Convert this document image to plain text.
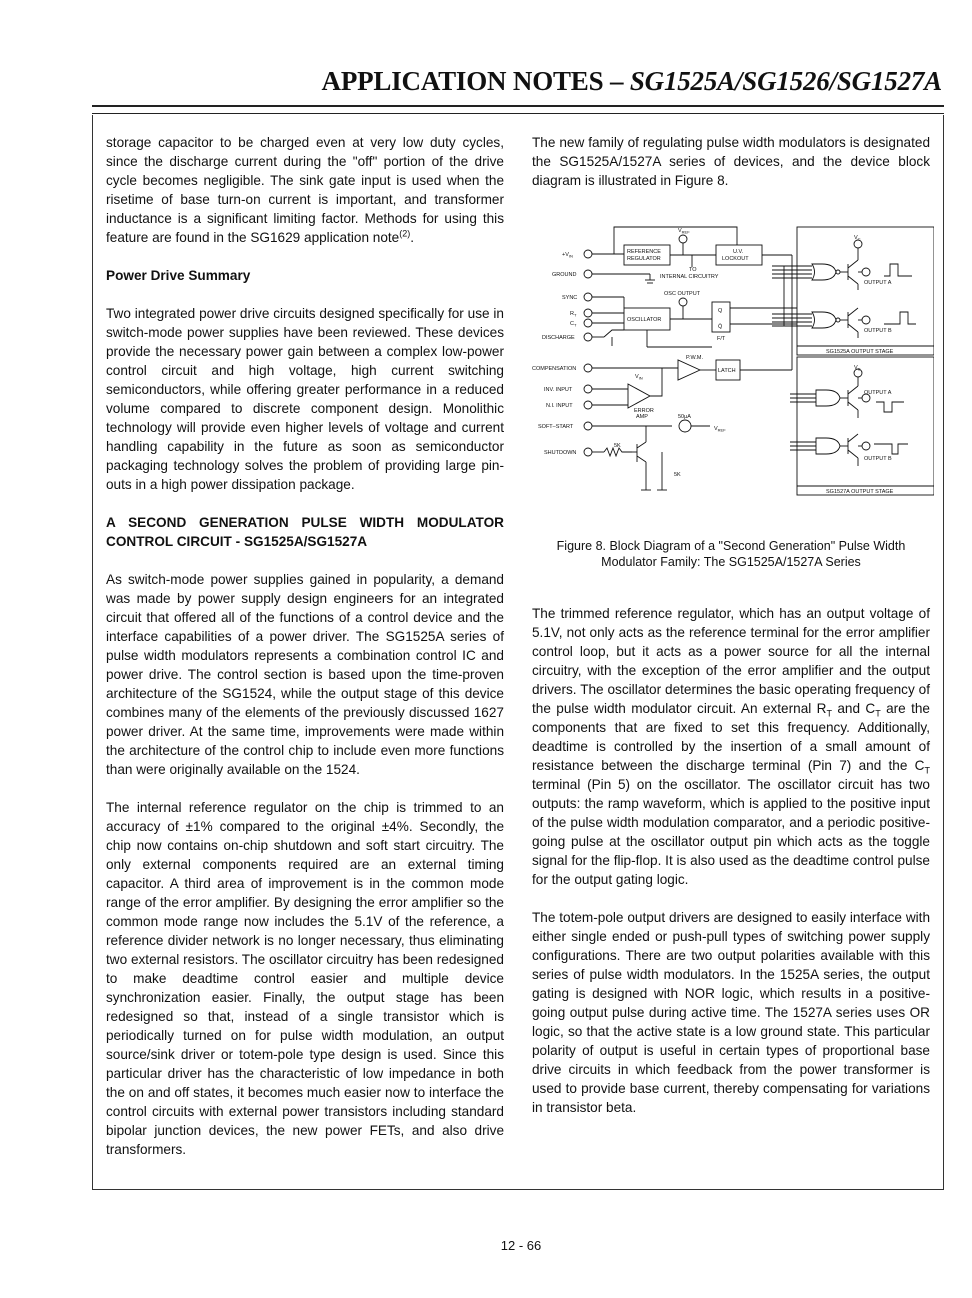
APPLICATION NOTES – SG1525A/SG1526/SG1527A

storage capacitor to be charged even at very low duty cycles, since the discharge current during the "off" portion of the drive cycle becomes negligible. The sink gate input is used when the risetime of base turn-on current is important, and transformer inductance is a significant limiting factor. Methods for using this feature are found in the SG1629 application note$^{(2)}$.

Power Drive Summary

Two integrated power drive circuits designed specifically for use in switch-mode power supplies have been reviewed. These devices provide the necessary power gain between a complex low-power control circuit and high voltage, high current switching semiconductors, while offering greater performance in a reduced volume compared to discrete component design. Monolithic technology will provide even higher levels of voltage and current handling capability in the future as soon as semiconductor packaging technology solves the problem of providing large pin-outs in a high power dissipation package.

A SECOND GENERATION PULSE WIDTH MODULATOR CONTROL CIRCUIT - SG1525A/SG1527A

As switch-mode power supplies gained in popularity, a demand was made by power supply design engineers for an integrated circuit that offered all of the functions of a control device and the interface capabilities of a power driver. The SG1525A series of pulse width modulators represents a combination control IC and power drive. The control section is based upon the time-proven architecture of the SG1524, while the output stage of this device combines many of the elements of the previously discussed 1627 power driver. At the same time, improvements were made within the architecture of the control chip to include even more functions than were originally available on the 1524.

The internal reference regulator on the chip is trimmed to an accuracy of ±1% compared to the original ±4%. Secondly, the chip now contains on-chip shutdown and soft start circuitry. The only external components required are an external timing capacitor. A third area of improvement is in the common mode range of the error amplifier. By designing the error amplifier so the common mode range now includes the 5.1V of the reference, a reference divider network is no longer necessary, thus eliminating two external resistors. The oscillator circuitry has been redesigned to make deadtime control easier and multiple device synchronization easier. Finally, the output stage has been redesigned so that, instead of a single transistor which is periodically turned on for pulse width modulation, an output source/sink driver or totem-pole type design is used. Since this particular driver has the characteristic of low impedance in both the on and off states, it becomes much easier now to interface the control circuits with external power transistors including standard bipolar junction devices, the new power FETs, and also drive transformers.

The new family of regulating pulse width modulators is designated the SG1525A/1527A series of devices, and the device block diagram is illustrated in Figure 8.

$V_{REF}$
$+V_{IN}$
GROUND
SYNC
$R_T$
$C_T$
DISCHARGE
COMPENSATION
INV. INPUT
N.I. INPUT
SOFT–START
SHUTDOWN
REFERENCE
REGULATOR
U.V.
LOCKOUT
TO
INTERNAL CIRCUITRY
OSC OUTPUT
OSCILLATOR
Q
Q̄
F/T
P.W.M.
LATCH
$V_{IN}$
ERROR
AMP	50μA
$V_{REF}$
5K
5K
$V_C$
OUTPUT A
OUTPUT B
SG1525A OUTPUT STAGE
$V_C$
OUTPUT A
OUTPUT B
SG1527A OUTPUT STAGE
Figure 8. Block Diagram of a "Second Generation" Pulse Width Modulator Family: The SG1525A/1527A Series

The trimmed reference regulator, which has an output voltage of 5.1V, not only acts as the reference terminal for the error amplifier control loop, but it acts as a power source for all the internal circuitry, with the exception of the error amplifier and the output drivers. The oscillator determines the basic operating frequency of the pulse width modulator circuit. An external $R_T$ and $C_T$ are the components that are fixed to set this frequency. Additionally, deadtime is controlled by the insertion of a small amount of resistance between the discharge terminal (Pin 7) and the $C_T$ terminal (Pin 5) on the oscillator. The oscillator circuit has two outputs: the ramp waveform, which is applied to the positive input of the pulse width modulation comparator, and a periodic positive-going pulse at the oscillator output pin which acts as the toggle signal for the flip-flop. It is also used as the deadtime control pulse for the output gating logic.

The totem-pole output drivers are designed to easily interface with either single ended or push-pull types of switching power supply configurations. There are two output polarities available with this series of pulse width modulators. In the 1525A series, the output gating is designed with NOR logic, which results in a positive-going output pulse during active time. The 1527A series uses OR logic, so that the active state is a low ground state. This particular polarity of output is useful in certain types of proportional base drive circuits in which feedback from the power transformer is used to provide base current, thereby compensating for variations in transistor beta.

12 - 66
